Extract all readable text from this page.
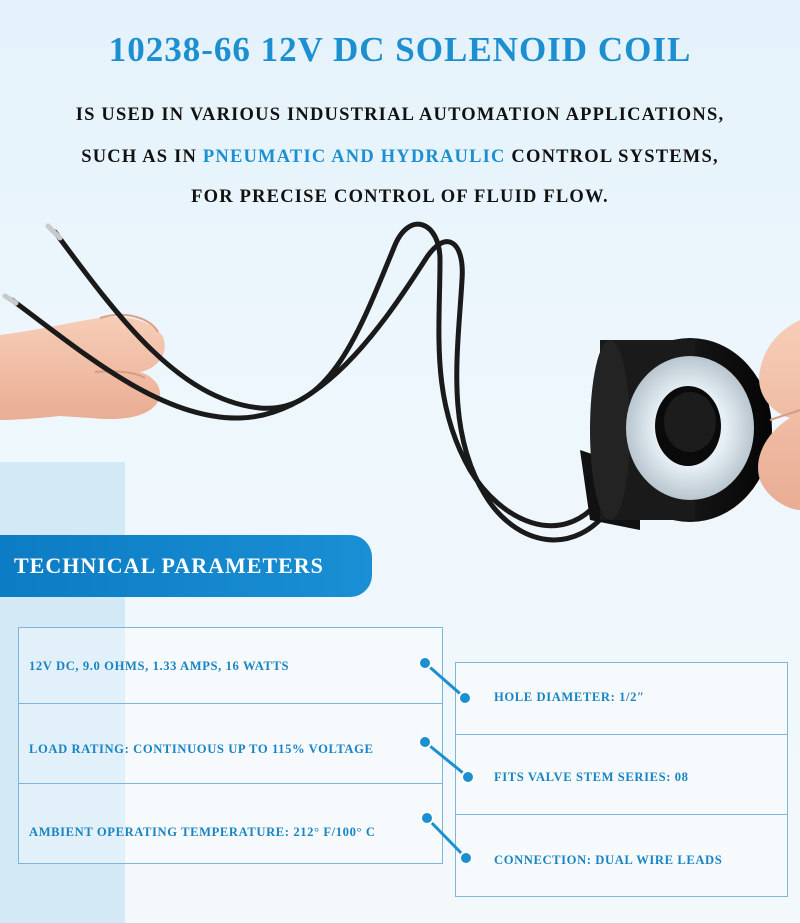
10238-66 12V DC SOLENOID COIL

IS USED IN VARIOUS INDUSTRIAL AUTOMATION APPLICATIONS,

SUCH AS IN PNEUMATIC AND HYDRAULIC CONTROL SYSTEMS,

FOR PRECISE CONTROL OF FLUID FLOW.

TECHNICAL PARAMETERS
12V DC, 9.0 OHMS, 1.33 AMPS, 16 WATTS
LOAD RATING: CONTINUOUS UP TO 115% VOLTAGE
AMBIENT OPERATING TEMPERATURE: 212° F/100° C
HOLE DIAMETER: 1/2″
FITS VALVE STEM SERIES: 08
CONNECTION: DUAL WIRE LEADS
